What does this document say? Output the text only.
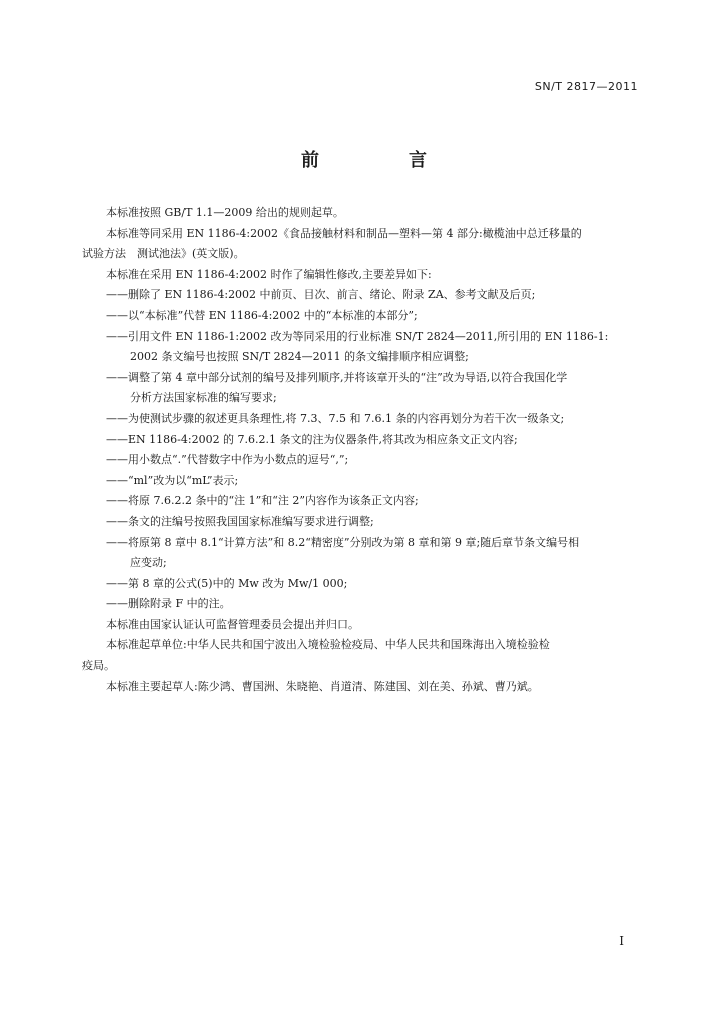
SN/T 2817—2011
前　言
本标准按照 GB/T 1.1—2009 给出的规则起草。
本标准等同采用 EN 1186-4:2002《食品接触材料和制品—塑料—第 4 部分:橄榄油中总迁移量的
试验方法　测试池法》(英文版)。
本标准在采用 EN 1186-4:2002 时作了编辑性修改,主要差异如下:
——删除了 EN 1186-4:2002 中前页、目次、前言、绪论、附录 ZA、参考文献及后页;
——以“本标准”代替 EN 1186-4:2002 中的“本标准的本部分”;
——引用文件 EN 1186-1:2002 改为等同采用的行业标准 SN/T 2824—2011,所引用的 EN 1186-1:
2002 条文编号也按照 SN/T 2824—2011 的条文编排顺序相应调整;
——调整了第 4 章中部分试剂的编号及排列顺序,并将该章开头的“注”改为导语,以符合我国化学
分析方法国家标准的编写要求;
——为使测试步骤的叙述更具条理性,将 7.3、7.5 和 7.6.1 条的内容再划分为若干次一级条文;
——EN 1186-4:2002 的 7.6.2.1 条文的注为仪器条件,将其改为相应条文正文内容;
——用小数点“.”代替数字中作为小数点的逗号“,”;
——“ml”改为以“mL”表示;
——将原 7.6.2.2 条中的“注 1”和“注 2”内容作为该条正文内容;
——条文的注编号按照我国国家标准编写要求进行调整;
——将原第 8 章中 8.1“计算方法”和 8.2“精密度”分别改为第 8 章和第 9 章;随后章节条文编号相
应变动;
——第 8 章的公式(5)中的 Mw 改为 Mw/1 000;
——删除附录 F 中的注。
本标准由国家认证认可监督管理委员会提出并归口。
本标准起草单位:中华人民共和国宁波出入境检验检疫局、中华人民共和国珠海出入境检验检
疫局。
本标准主要起草人:陈少鸿、曹国洲、朱晓艳、肖道清、陈建国、刘在美、孙斌、曹乃斌。
I
